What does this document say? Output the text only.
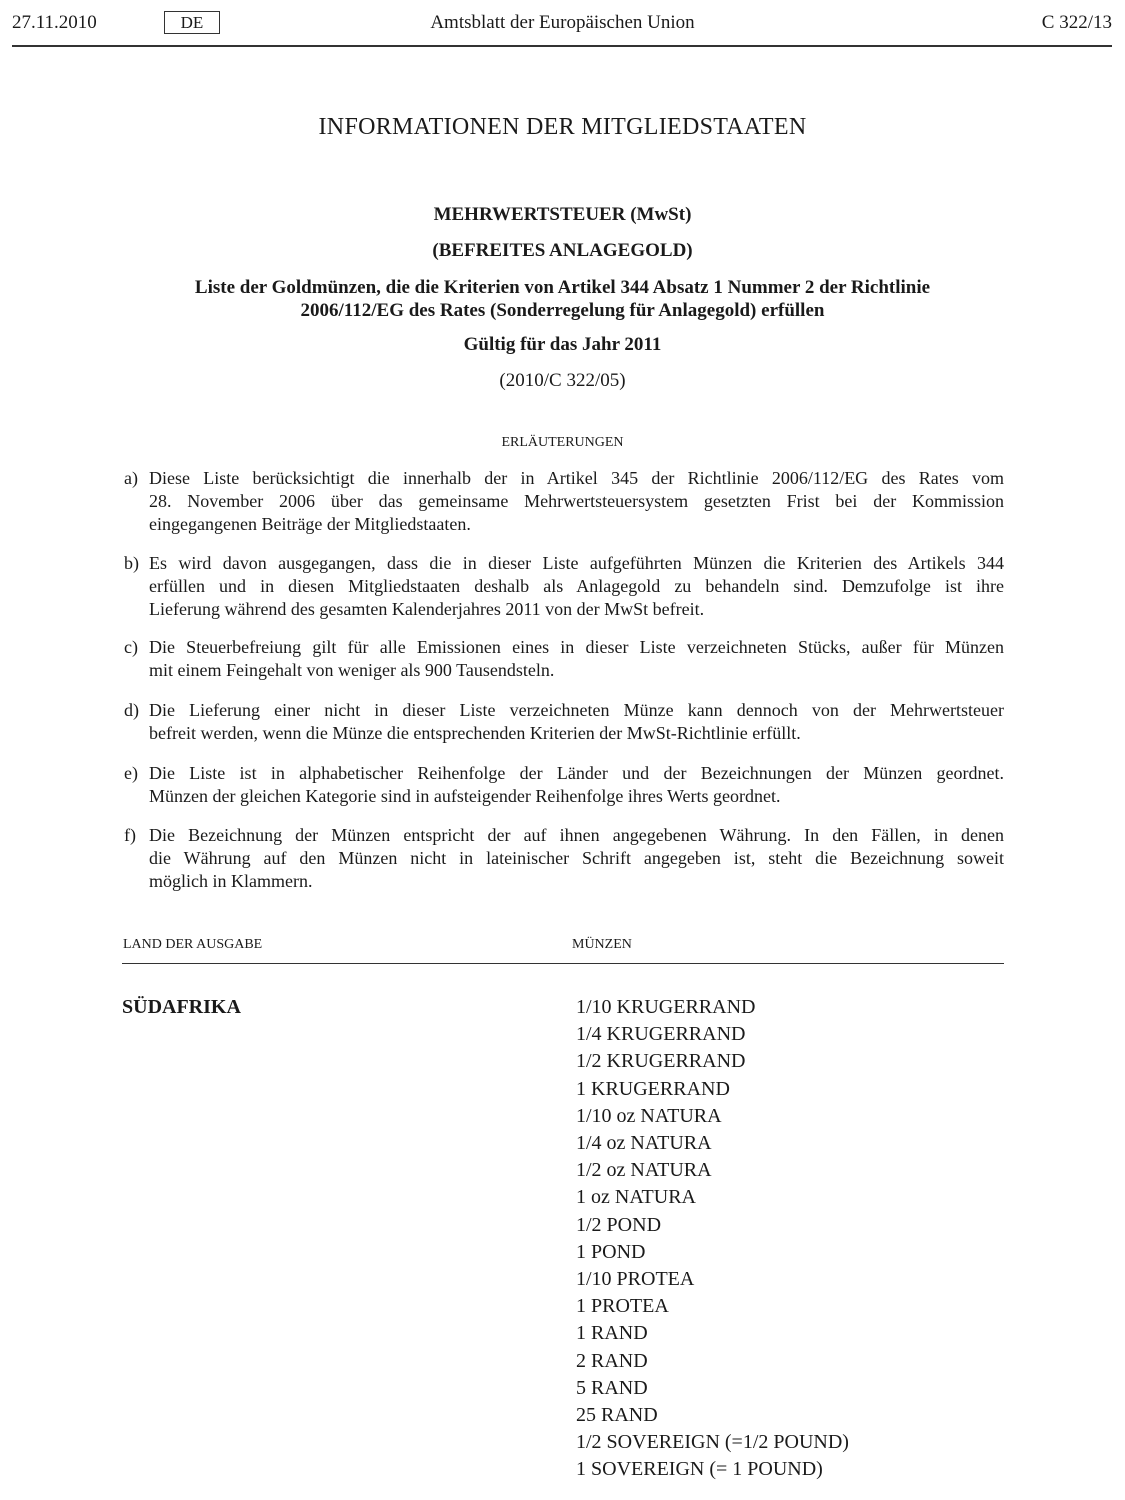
27.11.2010	DE	Amtsblatt der Europäischen Union	C 322/13
INFORMATIONEN DER MITGLIEDSTAATEN
MEHRWERTSTEUER (MwSt)
(BEFREITES ANLAGEGOLD)
Liste der Goldmünzen, die die Kriterien von Artikel 344 Absatz 1 Nummer 2 der Richtlinie
2006/112/EG des Rates (Sonderregelung für Anlagegold) erfüllen
Gültig für das Jahr 2011
(2010/C 322/05)
ERLÄUTERUNGEN
a) Diese Liste berücksichtigt die innerhalb der in Artikel 345 der Richtlinie 2006/112/EG des Rates vom
28. November 2006 über das gemeinsame Mehrwertsteuersystem gesetzten Frist bei der Kommission
eingegangenen Beiträge der Mitgliedstaaten.
b) Es wird davon ausgegangen, dass die in dieser Liste aufgeführten Münzen die Kriterien des Artikels 344
erfüllen und in diesen Mitgliedstaaten deshalb als Anlagegold zu behandeln sind. Demzufolge ist ihre
Lieferung während des gesamten Kalenderjahres 2011 von der MwSt befreit.
c) Die Steuerbefreiung gilt für alle Emissionen eines in dieser Liste verzeichneten Stücks, außer für Münzen
mit einem Feingehalt von weniger als 900 Tausendsteln.
d) Die Lieferung einer nicht in dieser Liste verzeichneten Münze kann dennoch von der Mehrwertsteuer
befreit werden, wenn die Münze die entsprechenden Kriterien der MwSt-Richtlinie erfüllt.
e) Die Liste ist in alphabetischer Reihenfolge der Länder und der Bezeichnungen der Münzen geordnet.
Münzen der gleichen Kategorie sind in aufsteigender Reihenfolge ihres Werts geordnet.
f) Die Bezeichnung der Münzen entspricht der auf ihnen angegebenen Währung. In den Fällen, in denen
die Währung auf den Münzen nicht in lateinischer Schrift angegeben ist, steht die Bezeichnung soweit
möglich in Klammern.
LAND DER AUSGABE	MÜNZEN
SÜDAFRIKA	1/10 KRUGERRAND
1/4 KRUGERRAND
1/2 KRUGERRAND
1 KRUGERRAND
1/10 oz NATURA
1/4 oz NATURA
1/2 oz NATURA
1 oz NATURA
1/2 POND
1 POND
1/10 PROTEA
1 PROTEA
1 RAND
2 RAND
5 RAND
25 RAND
1/2 SOVEREIGN (=1/2 POUND)
1 SOVEREIGN (= 1 POUND)
